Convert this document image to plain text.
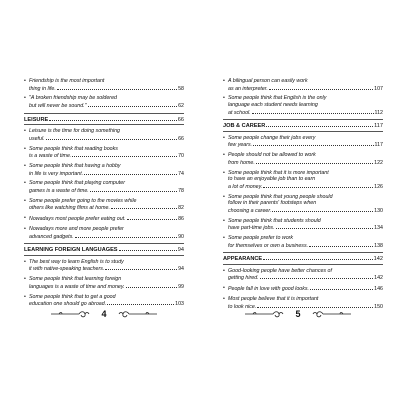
• Friendship is the most important
thing in life.	58
• "A broken friendship may be soldered
but will never be sound."	62
LEISURE	66
• Leisure is the time for doing something
useful.	66
• Some people think that reading books
is a waste of time.	70
• Some people think that having a hobby
in life is very important.	74
• Some people think that playing computer
games is a waste of time.	78
• Some people prefer going to the movies while
others like watching films at home.	82
• Nowadays most people prefer eating out.	86
• Nowadays more and more people prefer
advanced gadgets.	90
LEARNING FOREIGN LANGUAGES	94
• The best way to learn English is to study
it with native-speaking teachers.	94
• Some people think that learning foreign
languages is a waste of time and money.	99
• Some people think that to get a good
education one should go abroad.	103
• A bilingual person can easily work
as an interpreter.	107
• Some people think that English is the only
language each student needs learning
at school.	112
JOB & CAREER	117
• Some people change their jobs every
few years.	117
• People should not be allowed to work
from home.	122
• Some people think that it is more important
to have an enjoyable job than to earn
a lot of money.	126
• Some people think that young people should
follow in their parents' footsteps when
choosing a career.	130
• Some people think that students should
have part-time jobs.	134
• Some people prefer to work
for themselves or own a business.	138
APPEARANCE	142
• Good-looking people have better chances of
getting hired.	142
• People fall in love with good looks.	146
• Most people believe that it is important
to look nice.	150
4	5
